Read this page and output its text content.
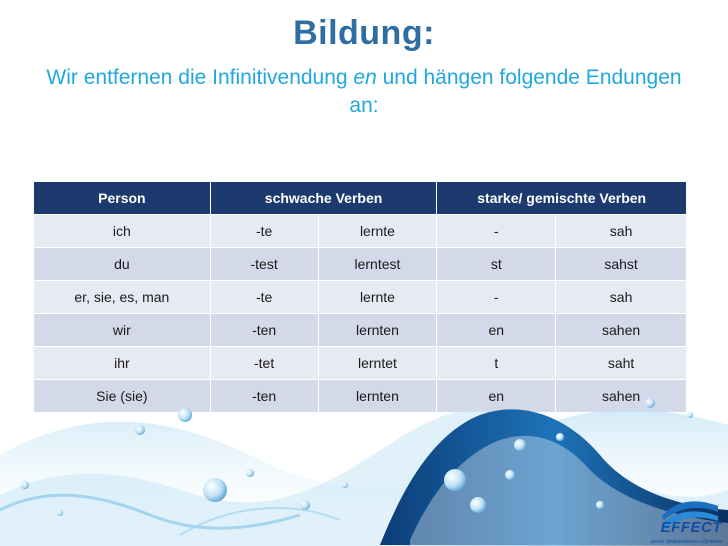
Bildung:
Wir entfernen die Infinitivendung en und hängen folgende Endungen an:
Person	schwache Verben		starke/ gemischte Verben	
ich	-te	lernte	-	sah
du	-test	lerntest	st	sahst
er, sie, es, man	-te	lernte	-	sah
wir	-ten	lernten	en	sahen
ihr	-tet	lerntet	t	saht
Sie (sie)	-ten	lernten	en	sahen
EFFECT
центр эффективного обучения
